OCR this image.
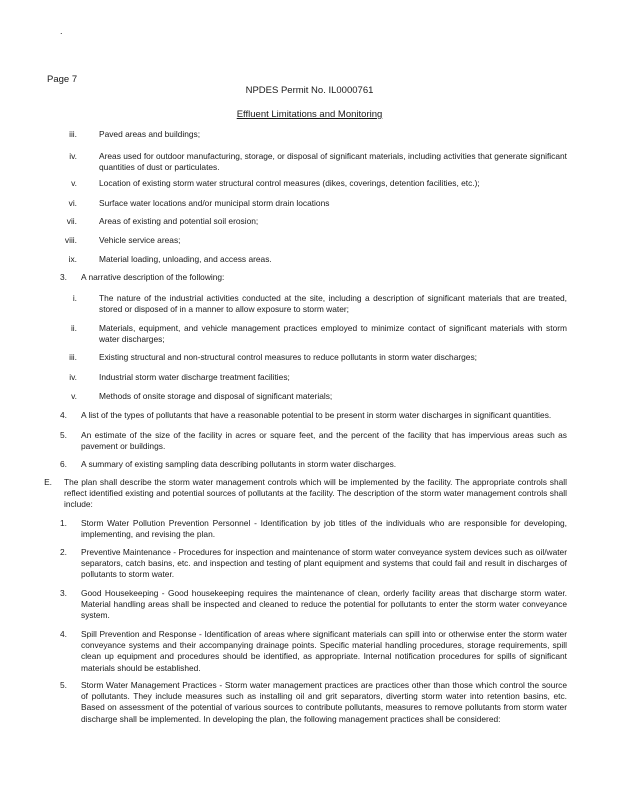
.
Page 7
NPDES Permit No. IL0000761
Effluent Limitations and Monitoring
iii.	Paved areas and buildings;
iv.	Areas used for outdoor manufacturing, storage, or disposal of significant materials, including activities that generate significant quantities of dust or particulates.
v.	Location of existing storm water structural control measures (dikes, coverings, detention facilities, etc.);
vi.	Surface water locations and/or municipal storm drain locations
vii.	Areas of existing and potential soil erosion;
viii.	Vehicle service areas;
ix.	Material loading, unloading, and access areas.
3. A narrative description of the following:
i.	The nature of the industrial activities conducted at the site, including a description of significant materials that are treated, stored or disposed of in a manner to allow exposure to storm water;
ii.	Materials, equipment, and vehicle management practices employed to minimize contact of significant materials with storm water discharges;
iii.	Existing structural and non-structural control measures to reduce pollutants in storm water discharges;
iv.	Industrial storm water discharge treatment facilities;
v.	Methods of onsite storage and disposal of significant materials;
4. A list of the types of pollutants that have a reasonable potential to be present in storm water discharges in significant quantities.
5. An estimate of the size of the facility in acres or square feet, and the percent of the facility that has impervious areas such as pavement or buildings.
6. A summary of existing sampling data describing pollutants in storm water discharges.
E. The plan shall describe the storm water management controls which will be implemented by the facility. The appropriate controls shall reflect identified existing and potential sources of pollutants at the facility. The description of the storm water management controls shall include:
1. Storm Water Pollution Prevention Personnel - Identification by job titles of the individuals who are responsible for developing, implementing, and revising the plan.
2. Preventive Maintenance - Procedures for inspection and maintenance of storm water conveyance system devices such as oil/water separators, catch basins, etc. and inspection and testing of plant equipment and systems that could fail and result in discharges of pollutants to storm water.
3. Good Housekeeping - Good housekeeping requires the maintenance of clean, orderly facility areas that discharge storm water. Material handling areas shall be inspected and cleaned to reduce the potential for pollutants to enter the storm water conveyance system.
4. Spill Prevention and Response - Identification of areas where significant materials can spill into or otherwise enter the storm water conveyance systems and their accompanying drainage points. Specific material handling procedures, storage requirements, spill clean up equipment and procedures should be identified, as appropriate. Internal notification procedures for spills of significant materials should be established.
5. Storm Water Management Practices - Storm water management practices are practices other than those which control the source of pollutants. They include measures such as installing oil and grit separators, diverting storm water into retention basins, etc. Based on assessment of the potential of various sources to contribute pollutants, measures to remove pollutants from storm water discharge shall be implemented. In developing the plan, the following management practices shall be considered:
